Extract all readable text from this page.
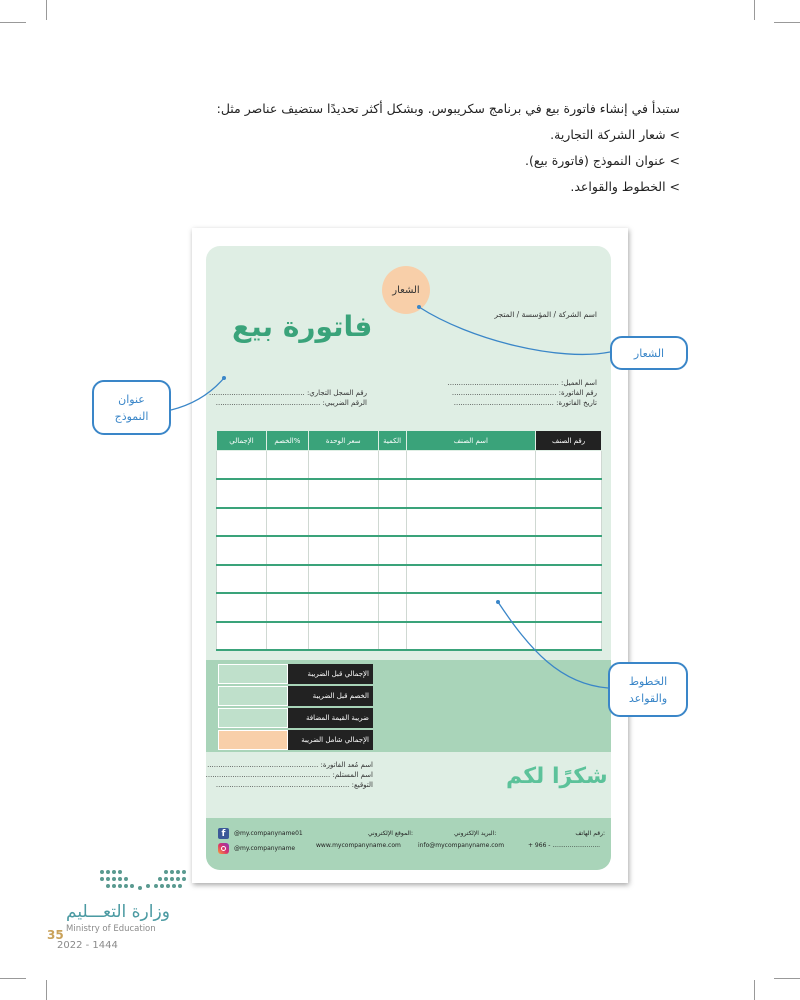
ستبدأ في إنشاء فاتورة بيع في برنامج سكريبوس. وبشكل أكثر تحديدًا ستضيف عناصر مثل:
> شعار الشركة التجارية.
> عنوان النموذج (فاتورة بيع).
> الخطوط والقواعد.
الشعار
اسم الشركة / المؤسسة / المتجر
فاتورة بيع
اسم العميل: ..................................................
رقم الفاتورة: ...............................................
تاريخ الفاتورة: .............................................
رقم السجل التجاري: ...........................................
الرقم الضريبي: ...............................................
الإجمالي	الخصم%	سعر الوحدة	الكمية	اسم الصنف	رقم الصنف

الإجمالي قبل الضريبة
الخصم قبل الضريبة
ضريبة القيمة المضافة
الإجمالي شامل الضريبة
اسم مُعد الفاتورة: ..................................................
اسم المستلم: ........................................................
التوقيع: ............................................................	شكرًا لكم
رقم الهاتف:
+ 966 - .........................
البريد الإلكتروني:
info@mycompanyname.com
الموقع الإلكتروني:
www.mycompanyname.com
f	@my.companyname01
@my.companyname
الشعار
عنوان
النموذج
الخطوط
والقواعد
وزارة التعـــليم
Ministry of Education
35
2022 - 1444
